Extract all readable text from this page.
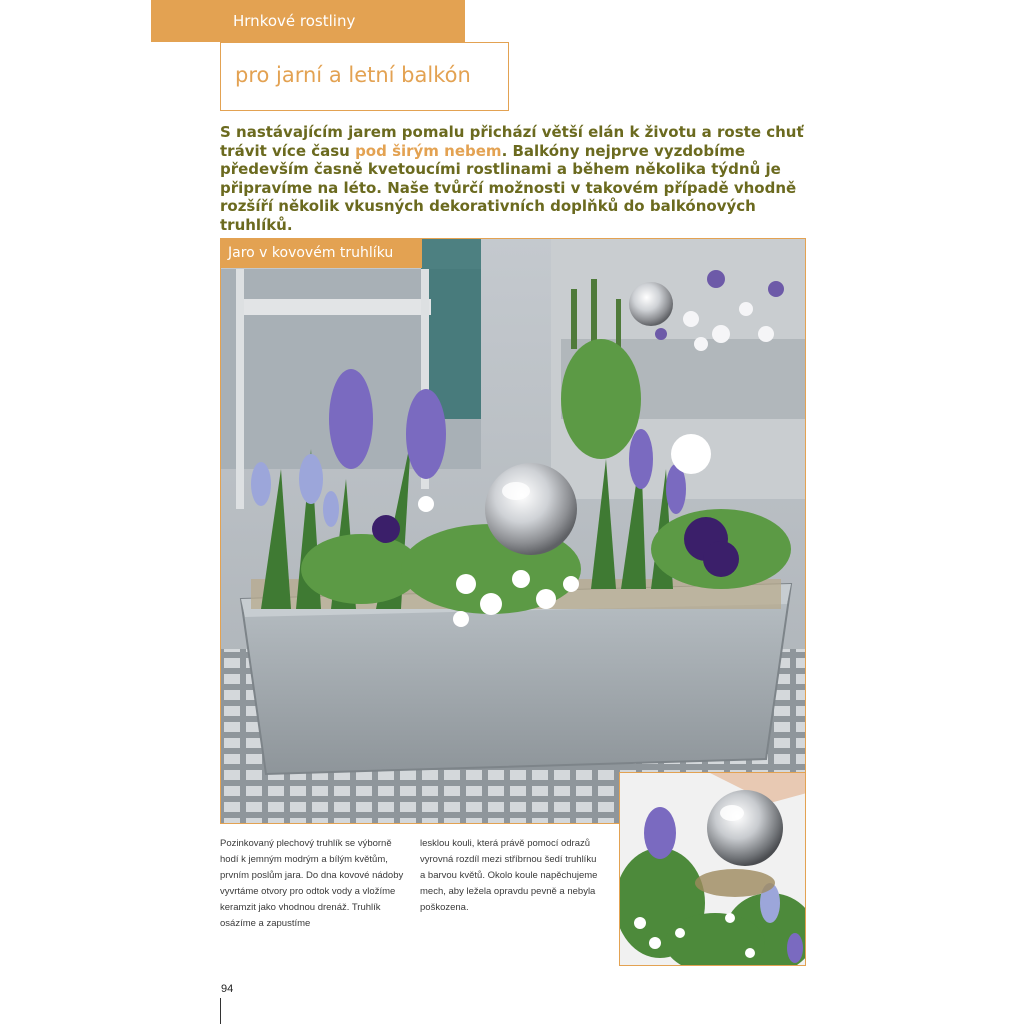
Hrnkové rostliny
pro jarní a letní balkón

S nastávajícím jarem pomalu přichází větší elán k životu a roste chuť trávit více času pod širým nebem. Balkóny nejprve vyzdobíme především časně kvetoucími rostlinami a během několika týdnů je připravíme na léto. Naše tvůrčí možnosti v takovém případě vhodně rozšíří několik vkusných dekorativních doplňků do balkónových truhlíků.

Jaro v kovovém truhlíku

Pozinkovaný plechový truhlík se výborně hodí k jemným modrým a bílým květům, prvním poslům jara. Do dna kovové nádoby vyvrtáme otvory pro odtok vody a vložíme keramzit jako vhodnou drenáž. Truhlík osázíme a zapustíme

lesklou kouli, která právě pomocí odrazů vyrovná rozdíl mezi stříbrnou šedí truhlíku a barvou květů. Okolo koule napěchujeme mech, aby ležela opravdu pevně a nebyla poškozena.

94
